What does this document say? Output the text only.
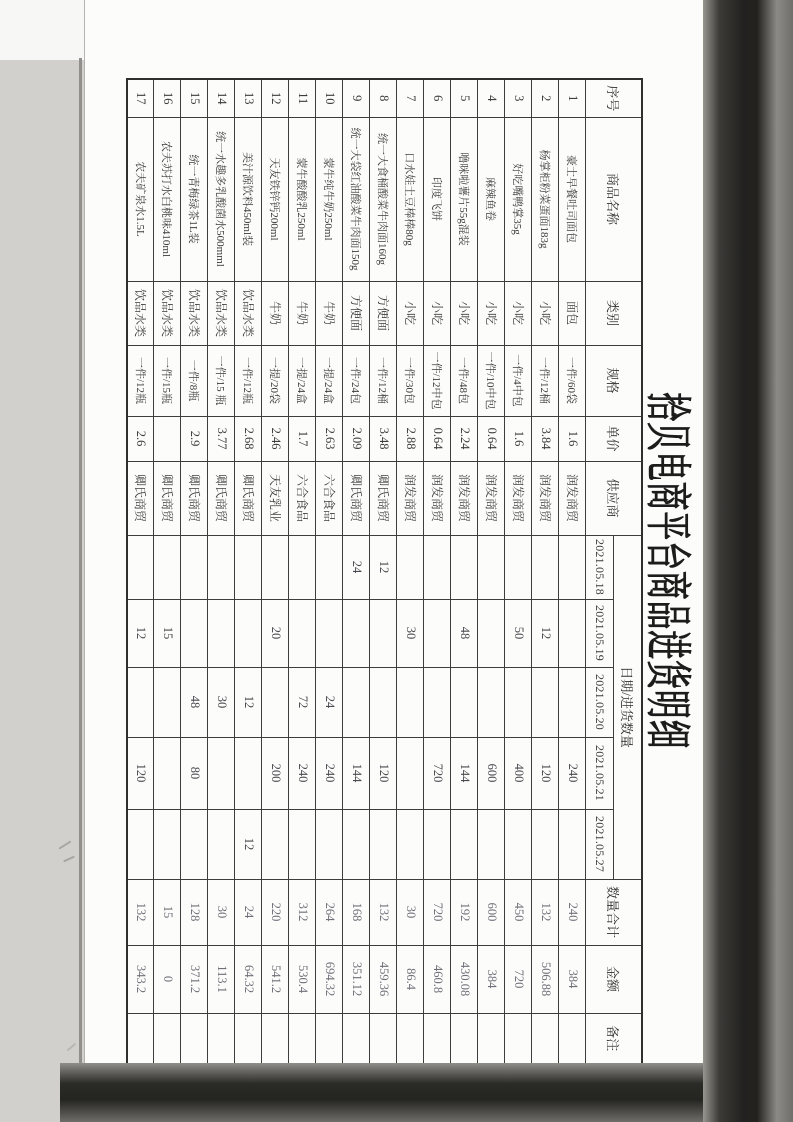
拾贝电商平台商品进货明细
序号	商品名称	类别	规格	单价	供应商	日期/进货数量					数量合计	金额	备注
						2021.05.18	2021.05.19	2021.05.20	2021.05.21	2021.05.27			
1	豪士早餐吐司面包	面包	一件/60袋	1.6	润发商贸				240		240	384	
2	杨掌柜粉菜蛋面183g	小吃	一件/12桶	3.84	润发商贸		12		120		132	506.88	
3	好吃嘴鸭掌35g	小吃	一件/4中包	1.6	润发商贸		50		400		450	720	
4	麻辣鱼卷	小吃	一件/10中包	0.64	润发商贸				600		600	384	
5	噜咪啦薯片55g混装	小吃	一件/48包	2.24	润发商贸		48		144		192	430.08	
6	印度飞饼	小吃	一件/12中包	0.64	润发商贸				720		720	460.8	
7	口水娃土豆棒棒80g	小吃	一件/30包	2.88	润发商贸		30				30	86.4	
8	统一大食桶酸菜牛肉面160g	方便面	一件/12桶	3.48	卿氏商贸	12			120		132	459.36	
9	统一大袋红油酸菜牛肉面150g	方便面	一件/24包	2.09	卿氏商贸	24			144		168	351.12	
10	蒙牛纯牛奶250ml	牛奶	一提/24盒	2.63	六合食品			24	240		264	694.32	
11	蒙牛酸酸乳250ml	牛奶	一提/24盒	1.7	六合食品			72	240		312	530.4	
12	天友铁锌钙200ml	牛奶	一提/20袋	2.46	天友乳业		20		200		220	541.2	
13	美汁源饮料450ml装	饮品水类	一件/12瓶	2.68	卿氏商贸			12		12	24	64.32	
14	统一水趣多乳酸菌水500mml	饮品水类	一件/15 瓶	3.77	卿氏商贸			30			30	113.1	
15	统一青梅绿茶1L装	饮品水类	一件/8瓶	2.9	卿氏商贸			48	80		128	371.2	
16	农夫苏打水白桃味410ml	饮品水类	一件/15瓶		卿氏商贸		15				15	0	
17	农夫矿泉水1.5L	饮品水类	一件/12瓶	2.6	卿氏商贸		12		120		132	343.2	
